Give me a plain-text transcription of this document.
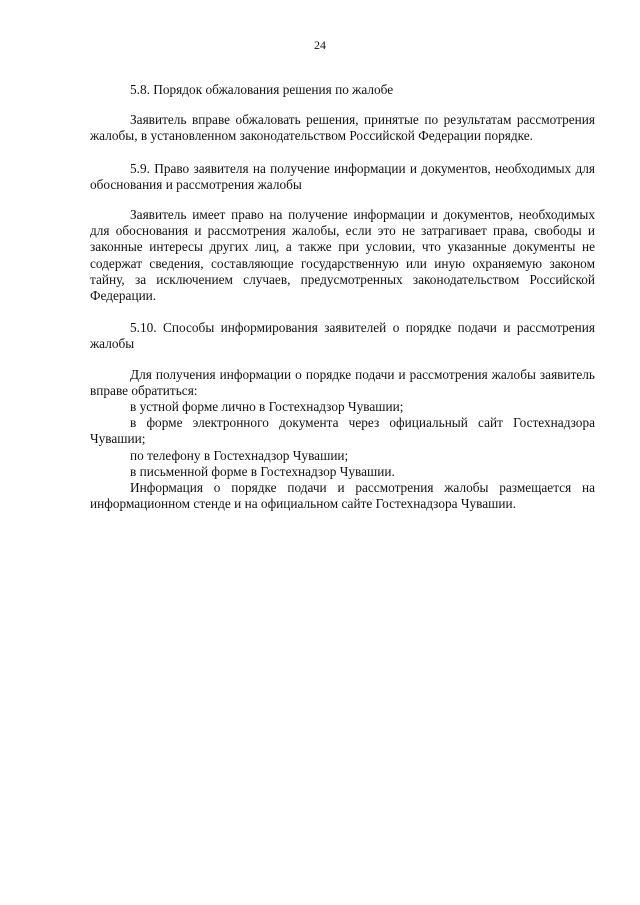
24

5.8. Порядок обжалования решения по жалобе

Заявитель вправе обжаловать решения, принятые по результатам рассмотрения жалобы, в установленном законодательством Российской Федерации порядке.

5.9. Право заявителя на получение информации и документов, необходимых для обоснования и рассмотрения жалобы

Заявитель имеет право на получение информации и документов, необходимых для обоснования и рассмотрения жалобы, если это не затрагивает права, свободы и законные интересы других лиц, а также при условии, что указанные документы не содержат сведения, составляющие государственную или иную охраняемую законом тайну, за исключением случаев, предусмотренных законодательством Российской Федерации.

5.10. Способы информирования заявителей о порядке подачи и рассмотрения жалобы

Для получения информации о порядке подачи и рассмотрения жалобы заявитель вправе обратиться:

в устной форме лично в Гостехнадзор Чувашии;

в форме электронного документа через официальный сайт Гостехнадзора Чувашии;

по телефону в Гостехнадзор Чувашии;

в письменной форме в Гостехнадзор Чувашии.

Информация о порядке подачи и рассмотрения жалобы размещается на информационном стенде и на официальном сайте Гостехнадзора Чувашии.
